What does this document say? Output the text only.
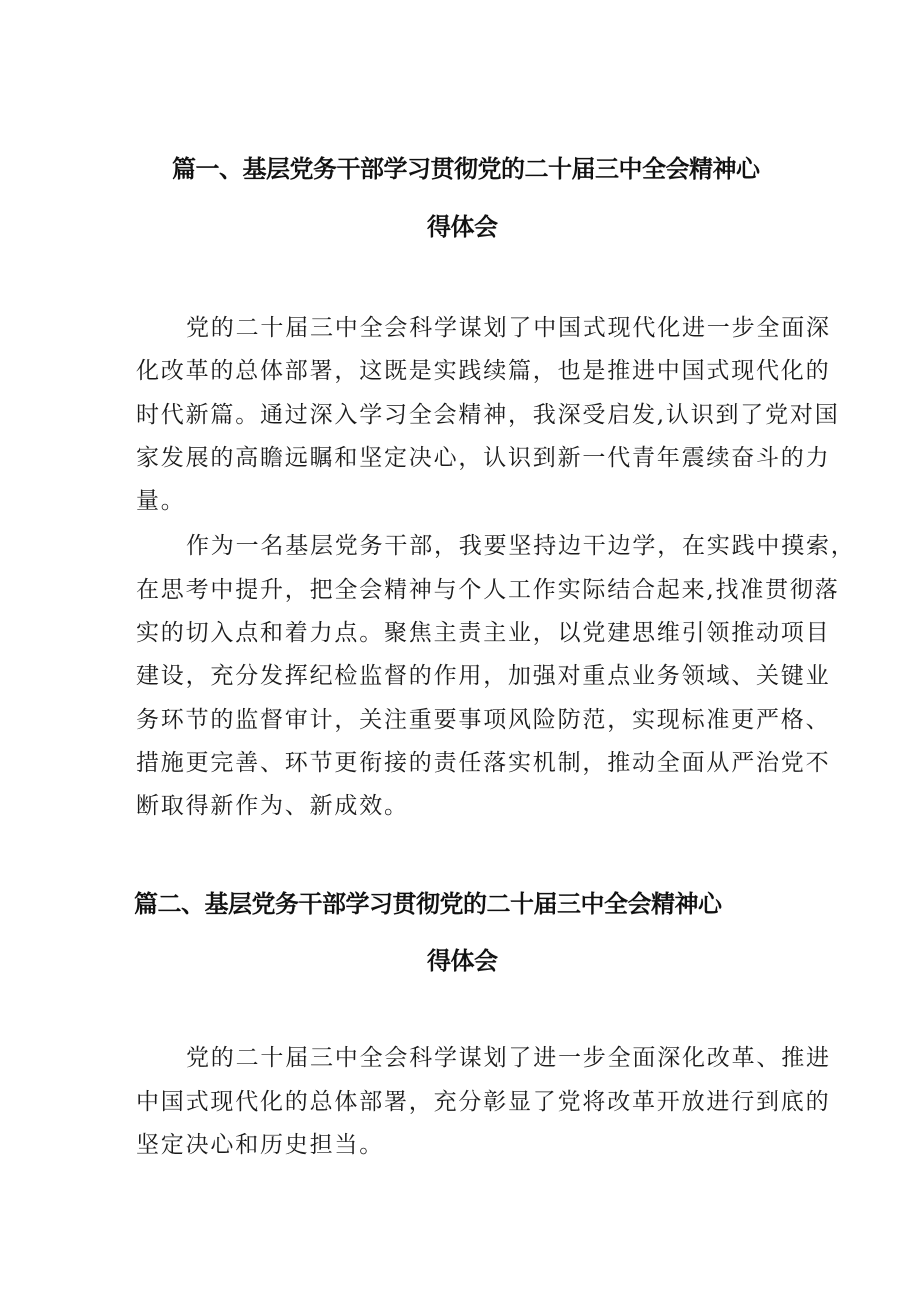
篇一、基层党务干部学习贯彻党的二十届三中全会精神心
得体会
党的二十届三中全会科学谋划了中国式现代化进一步全面深
化改革的总体部署，这既是实践续篇，也是推进中国式现代化的
时代新篇。通过深入学习全会精神，我深受启发,认识到了党对国
家发展的高瞻远瞩和坚定决心，认识到新一代青年震续奋斗的力
量。
作为一名基层党务干部，我要坚持边干边学，在实践中摸索，
在思考中提升，把全会精神与个人工作实际结合起来,找准贯彻落
实的切入点和着力点。聚焦主责主业，以党建思维引领推动项目
建设，充分发挥纪检监督的作用，加强对重点业务领域、关键业
务环节的监督审计，关注重要事项风险防范，实现标准更严格、
措施更完善、环节更衔接的责任落实机制，推动全面从严治党不
断取得新作为、新成效。
篇二、基层党务干部学习贯彻党的二十届三中全会精神心
得体会
党的二十届三中全会科学谋划了进一步全面深化改革、推进
中国式现代化的总体部署，充分彰显了党将改革开放进行到底的
坚定决心和历史担当。
